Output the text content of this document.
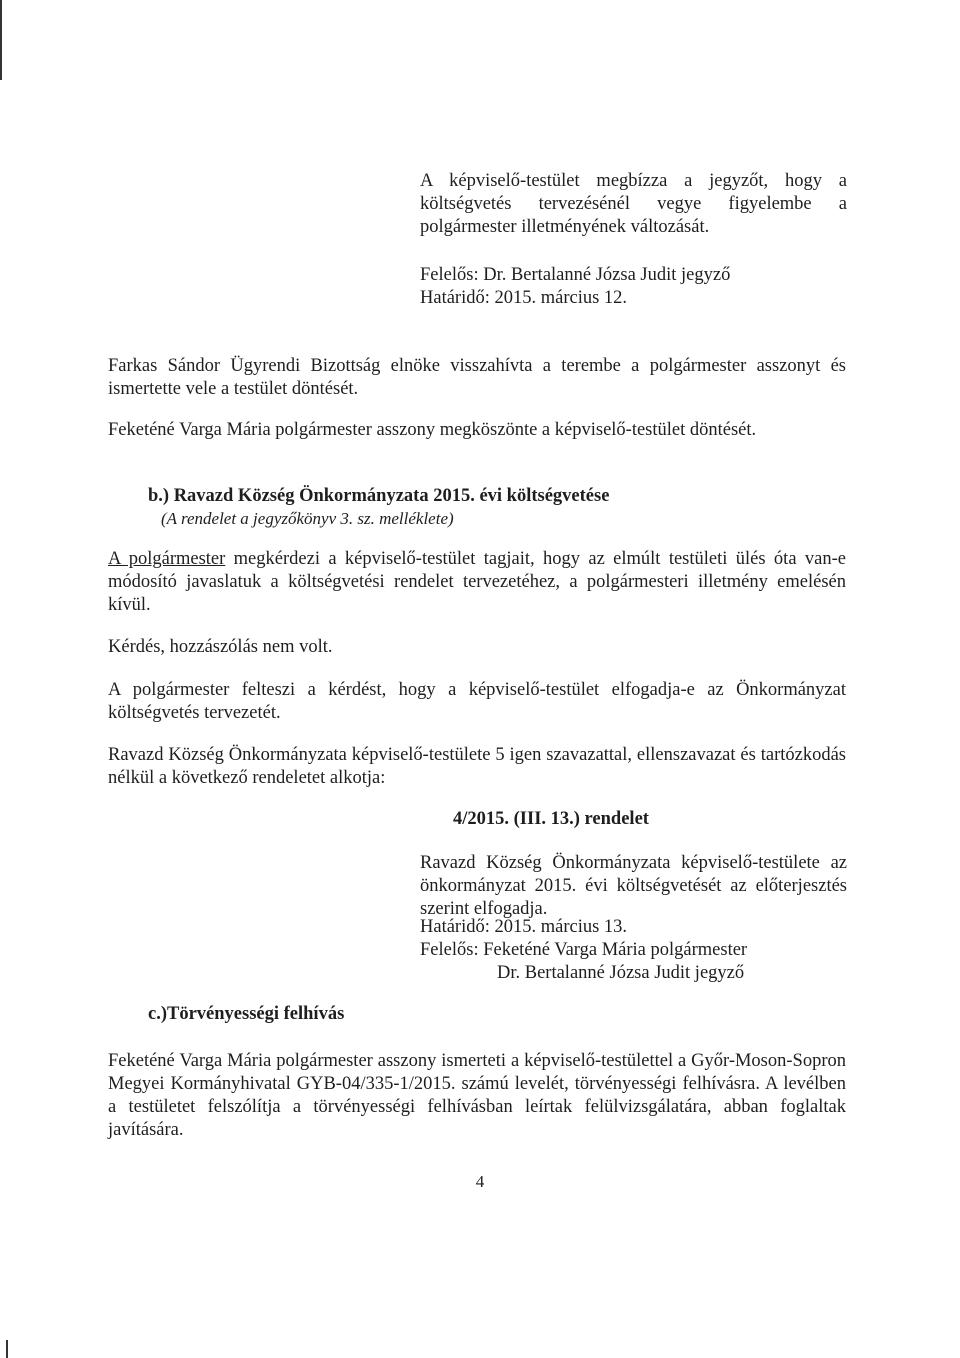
A képviselő-testület megbízza a jegyzőt, hogy a költségvetés tervezésénél vegye figyelembe a polgármester illetményének változását.

Felelős: Dr. Bertalanné Józsa Judit jegyző
Határidő: 2015. március 12.

Farkas Sándor Ügyrendi Bizottság elnöke visszahívta a terembe a polgármester asszonyt és ismertette vele a testület döntését.

Feketéné Varga Mária polgármester asszony megköszönte a képviselő-testület döntését.

b.) Ravazd Község Önkormányzata 2015. évi költségvetése
(A rendelet a jegyzőkönyv 3. sz. melléklete)

A polgármester megkérdezi a képviselő-testület tagjait, hogy az elmúlt testületi ülés óta van-e módosító javaslatuk a költségvetési rendelet tervezetéhez, a polgármesteri illetmény emelésén kívül.

Kérdés, hozzászólás nem volt.

A polgármester felteszi a kérdést, hogy a képviselő-testület elfogadja-e az Önkormányzat költségvetés tervezetét.

Ravazd Község Önkormányzata képviselő-testülete 5 igen szavazattal, ellenszavazat és tartózkodás nélkül a következő rendeletet alkotja:

4/2015. (III. 13.) rendelet

Ravazd Község Önkormányzata képviselő-testülete az önkormányzat 2015. évi költségvetését az előterjesztés szerint elfogadja.

Határidő: 2015. március 13.
Felelős: Feketéné Varga Mária polgármester
Dr. Bertalanné Józsa Judit jegyző
c.)Törvényességi felhívás

Feketéné Varga Mária polgármester asszony ismerteti a képviselő-testülettel a Győr-Moson-Sopron Megyei Kormányhivatal GYB-04/335-1/2015. számú levelét, törvényességi felhívásra. A levélben a testületet felszólítja a törvényességi felhívásban leírtak felülvizsgálatára, abban foglaltak javítására.

4
